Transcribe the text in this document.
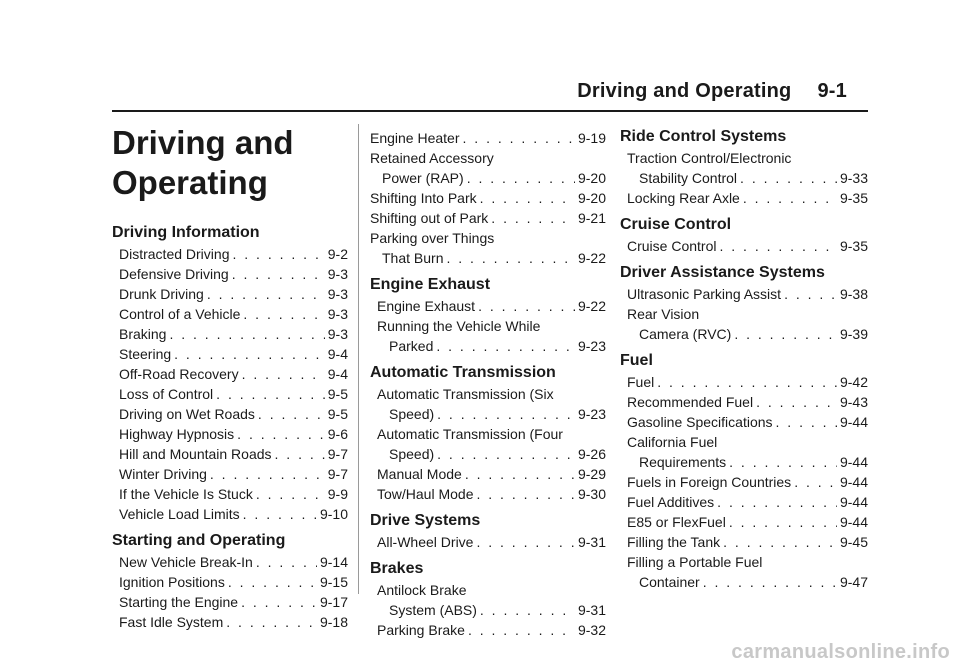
Driving and Operating 9-1
Driving and
Operating
Driving Information
Distracted Driving . . .	9-2
Defensive Driving . . .	9-3
Drunk Driving . . .	9-3
Control of a Vehicle . . .	9-3
Braking . . .	9-3
Steering . . .	9-4
Off-Road Recovery . . .	9-4
Loss of Control . . .	9-5
Driving on Wet Roads . . .	9-5
Highway Hypnosis . . .	9-6
Hill and Mountain Roads . . .	9-7
Winter Driving . . .	9-7
If the Vehicle Is Stuck . . .	9-9
Vehicle Load Limits . . .	9-10
Starting and Operating
New Vehicle Break-In . . .	9-14
Ignition Positions . . .	9-15
Starting the Engine . . .	9-17
Fast Idle System . . .	9-18
Engine Heater . . .	9-19
Retained Accessory
Power (RAP) . . .	9-20
Shifting Into Park . . .	9-20
Shifting out of Park . . .	9-21
Parking over Things
That Burn . . .	9-22
Engine Exhaust
Engine Exhaust . . .	9-22
Running the Vehicle While
Parked . . .	9-23
Automatic Transmission
Automatic Transmission (Six
Speed) . . .	9-23
Automatic Transmission (Four
Speed) . . .	9-26
Manual Mode . . .	9-29
Tow/Haul Mode . . .	9-30
Drive Systems
All-Wheel Drive . . .	9-31
Brakes
Antilock Brake
System (ABS) . . .	9-31
Parking Brake . . .	9-32
Ride Control Systems
Traction Control/Electronic
Stability Control . . .	9-33
Locking Rear Axle . . .	9-35
Cruise Control
Cruise Control . . .	9-35
Driver Assistance Systems
Ultrasonic Parking Assist . . .	9-38
Rear Vision
Camera (RVC) . . .	9-39
Fuel
Fuel . . .	9-42
Recommended Fuel . . .	9-43
Gasoline Specifications . . .	9-44
California Fuel
Requirements . . .	9-44
Fuels in Foreign Countries . . .	9-44
Fuel Additives . . .	9-44
E85 or FlexFuel . . .	9-44
Filling the Tank . . .	9-45
Filling a Portable Fuel
Container . . .	9-47
carmanualsonline.info
